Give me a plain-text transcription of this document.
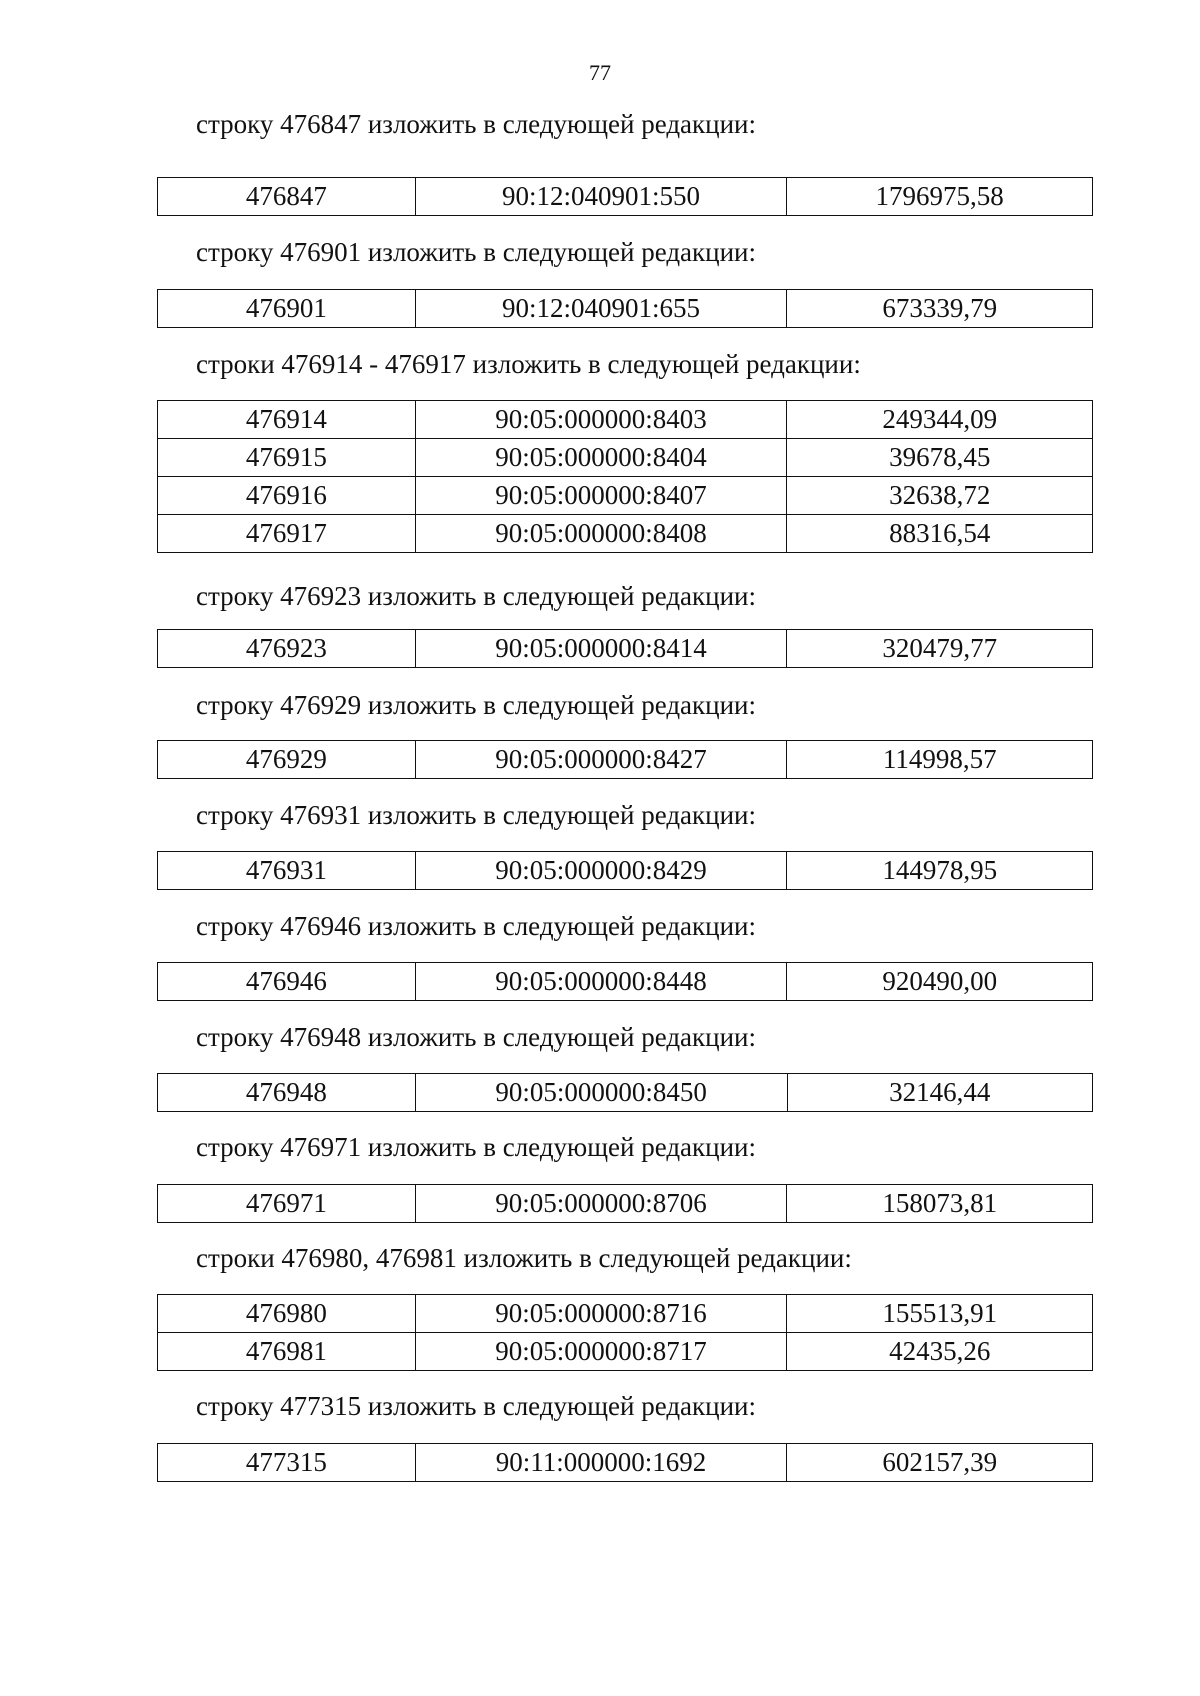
77
строку 476847 изложить в следующей редакции:
476847	90:12:040901:550	1796975,58
строку 476901 изложить в следующей редакции:
476901	90:12:040901:655	673339,79
строки 476914 - 476917 изложить в следующей редакции:
476914	90:05:000000:8403	249344,09
476915	90:05:000000:8404	39678,45
476916	90:05:000000:8407	32638,72
476917	90:05:000000:8408	88316,54
строку 476923 изложить в следующей редакции:
476923	90:05:000000:8414	320479,77
строку 476929 изложить в следующей редакции:
476929	90:05:000000:8427	114998,57
строку 476931 изложить в следующей редакции:
476931	90:05:000000:8429	144978,95
строку 476946 изложить в следующей редакции:
476946	90:05:000000:8448	920490,00
строку 476948 изложить в следующей редакции:
476948	90:05:000000:8450	32146,44
строку 476971 изложить в следующей редакции:
476971	90:05:000000:8706	158073,81
строки 476980, 476981 изложить в следующей редакции:
476980	90:05:000000:8716	155513,91
476981	90:05:000000:8717	42435,26
строку 477315 изложить в следующей редакции:
477315	90:11:000000:1692	602157,39
